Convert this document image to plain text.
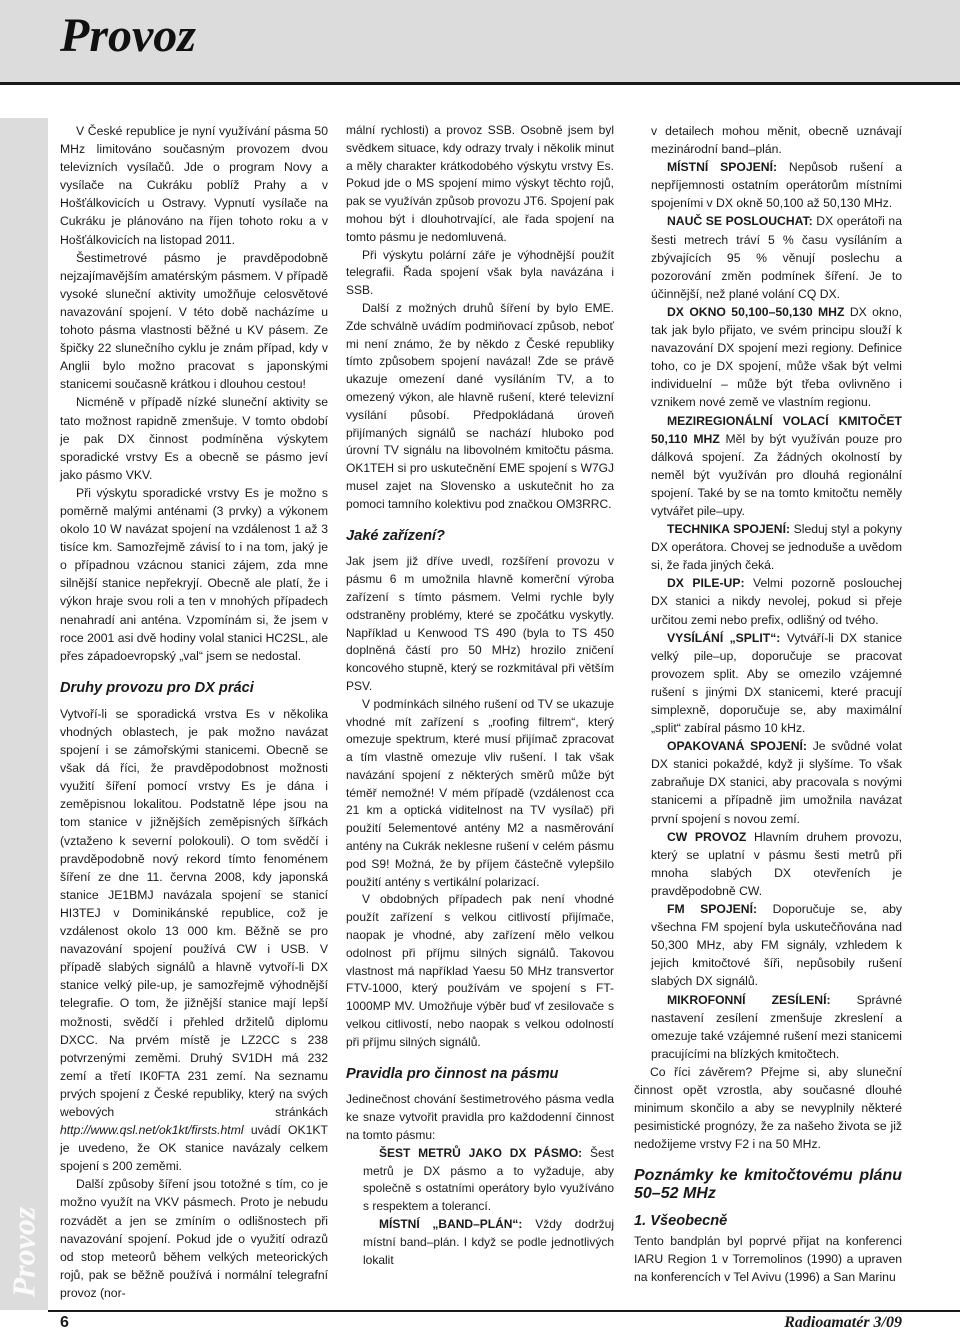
Provoz
Provoz

V České republice je nyní využívání pásma 50 MHz limitováno současným provozem dvou televizních vysílačů. Jde o program Novy a vysílače na Cukráku poblíž Prahy a v Hošťálkovicích u Ostravy. Vypnutí vysílače na Cukráku je plánováno na říjen tohoto roku a v Hošťálkovicích na listopad 2011.

Šestimetrové pásmo je pravděpodobně nejzajímavějším amatérským pásmem. V případě vysoké sluneční aktivity umožňuje celosvětové navazování spojení. V této době nacházíme u tohoto pásma vlastnosti běžné u KV pásem. Ze špičky 22 slunečního cyklu je znám případ, kdy v Anglii bylo možno pracovat s japonskými stanicemi současně krátkou i dlouhou cestou!

Nicméně v případě nízké sluneční aktivity se tato možnost rapidně zmenšuje. V tomto období je pak DX činnost podmíněna výskytem sporadické vrstvy Es a obecně se pásmo jeví jako pásmo VKV.

Při výskytu sporadické vrstvy Es je možno s poměrně malými anténami (3 prvky) a výkonem okolo 10 W navázat spojení na vzdálenost 1 až 3 tisíce km. Samozřejmě závisí to i na tom, jaký je o případnou vzácnou stanici zájem, zda mne silnější stanice nepřekryjí. Obecně ale platí, že i výkon hraje svou roli a ten v mnohých případech nenahradí ani anténa. Vzpomínám si, že jsem v roce 2001 asi dvě hodiny volal stanici HC2SL, ale přes západoevropský „val“ jsem se nedostal.

Druhy provozu pro DX práci

Vytvoří-li se sporadická vrstva Es v několika vhodných oblastech, je pak možno navázat spojení i se zámořskými stanicemi. Obecně se však dá říci, že pravděpodobnost možnosti využití šíření pomocí vrstvy Es je dána i zeměpisnou lokalitou. Podstatně lépe jsou na tom stanice v jižnějších zeměpisných šířkách (vztaženo k severní polokouli). O tom svědčí i pravděpodobně nový rekord tímto fenoménem šíření ze dne 11. června 2008, kdy japonská stanice JE1BMJ navázala spojení se stanicí HI3TEJ v Dominikánské republice, což je vzdálenost okolo 13 000 km. Běžně se pro navazování spojení používá CW i USB. V případě slabých signálů a hlavně vytvoří-li DX stanice velký pile-up, je samozřejmě výhodnější telegrafie. O tom, že jižnější stanice mají lepší možnosti, svědčí i přehled držitelů diplomu DXCC. Na prvém místě je LZ2CC s 238 potvrzenými zeměmi. Druhý SV1DH má 232 zemí a třetí IK0FTA 231 zemí. Na seznamu prvých spojení z České republiky, který na svých webových stránkách http://www.qsl.net/ok1kt/firsts.html uvádí OK1KT je uvedeno, že OK stanice navázaly celkem spojení s 200 zeměmi.

Další způsoby šíření jsou totožné s tím, co je možno využít na VKV pásmech. Proto je nebudu rozvádět a jen se zmíním o odlišnostech při navazování spojení. Pokud jde o využití odrazů od stop meteorů během velkých meteorických rojů, pak se běžně používá i normální telegrafní provoz (nor-

mální rychlosti) a provoz SSB. Osobně jsem byl svědkem situace, kdy odrazy trvaly i několik minut a měly charakter krátkodobého výskytu vrstvy Es. Pokud jde o MS spojení mimo výskyt těchto rojů, pak se využíván způsob provozu JT6. Spojení pak mohou být i dlouhotrvající, ale řada spojení na tomto pásmu je nedomluvená.

Při výskytu polární záře je výhodnější použít telegrafii. Řada spojení však byla navázána i SSB.

Další z možných druhů šíření by bylo EME. Zde schválně uvádím podmiňovací způsob, neboť mi není známo, že by někdo z České republiky tímto způsobem spojení navázal! Zde se právě ukazuje omezení dané vysíláním TV, a to omezený výkon, ale hlavně rušení, které televizní vysílání působí. Předpokládaná úroveň přijímaných signálů se nachází hluboko pod úrovní TV signálu na libovolném kmitočtu pásma. OK1TEH si pro uskutečnění EME spojení s W7GJ musel zajet na Slovensko a uskutečnit ho za pomoci tamního kolektivu pod značkou OM3RRC.

Jaké zařízení?

Jak jsem již dříve uvedl, rozšíření provozu v pásmu 6 m umožnila hlavně komerční výroba zařízení s tímto pásmem. Velmi rychle byly odstraněny problémy, které se zpočátku vyskytly. Například u Kenwood TS 490 (byla to TS 450 doplněná částí pro 50 MHz) hrozilo zničení koncového stupně, který se rozkmitával při větším PSV.

V podmínkách silného rušení od TV se ukazuje vhodné mít zařízení s „roofing filtrem“, který omezuje spektrum, které musí přijímač zpracovat a tím vlastně omezuje vliv rušení. I tak však navázání spojení z některých směrů může být téměř nemožné! V mém případě (vzdálenost cca 21 km a optická viditelnost na TV vysílač) při použití 5elementové antény M2 a nasměrování antény na Cukrák neklesne rušení v celém pásmu pod S9! Možná, že by příjem částečně vylepšilo použití antény s vertikální polarizací.

V obdobných případech pak není vhodné použít zařízení s velkou citlivostí přijímače, naopak je vhodné, aby zařízení mělo velkou odolnost při příjmu silných signálů. Takovou vlastnost má například Yaesu 50 MHz transvertor FTV-1000, který používám ve spojení s FT-1000MP MV. Umožňuje výběr buď vf zesilovače s velkou citlivostí, nebo naopak s velkou odolností při příjmu silných signálů.

Pravidla pro činnost na pásmu

Jedinečnost chování šestimetrového pásma vedla ke snaze vytvořit pravidla pro každodenní činnost na tomto pásmu:

ŠEST METRŮ JAKO DX PÁSMO: Šest metrů je DX pásmo a to vyžaduje, aby společně s ostatními operátory bylo využíváno s respektem a tolerancí.

MÍSTNÍ „BAND–PLÁN“: Vždy dodržuj místní band–plán. I když se podle jednotlivých lokalit

v detailech mohou měnit, obecně uznávají mezinárodní band–plán.

MÍSTNÍ SPOJENÍ: Nepůsob rušení a nepříjemnosti ostatním operátorům místními spojeními v DX okně 50,100 až 50,130 MHz.

NAUČ SE POSLOUCHAT: DX operátoři na šesti metrech tráví 5 % času vysíláním a zbývajících 95 % věnují poslechu a pozorování změn podmínek šíření. Je to účinnější, než plané volání CQ DX.

DX OKNO 50,100–50,130 MHZ DX okno, tak jak bylo přijato, ve svém principu slouží k navazování DX spojení mezi regiony. Definice toho, co je DX spojení, může však být velmi individuelní – může být třeba ovlivněno i vznikem nové země ve vlastním regionu.

MEZIREGIONÁLNÍ VOLACÍ KMITOČET 50,110 MHZ Měl by být využíván pouze pro dálková spojení. Za žádných okolností by neměl být využíván pro dlouhá regionální spojení. Také by se na tomto kmitočtu neměly vytvářet pile–upy.

TECHNIKA SPOJENÍ: Sleduj styl a pokyny DX operátora. Chovej se jednoduše a uvědom si, že řada jiných čeká.

DX PILE-UP: Velmi pozorně poslouchej DX stanici a nikdy nevolej, pokud si přeje určitou zemi nebo prefix, odlišný od tvého.

VYSÍLÁNÍ „SPLIT“: Vytváří-li DX stanice velký pile–up, doporučuje se pracovat provozem split. Aby se omezilo vzájemné rušení s jinými DX stanicemi, které pracují simplexně, doporučuje se, aby maximální „split“ zabíral pásmo 10 kHz.

OPAKOVANÁ SPOJENÍ: Je svůdné volat DX stanici pokaždé, když ji slyšíme. To však zabraňuje DX stanici, aby pracovala s novými stanicemi a případně jim umožnila navázat první spojení s novou zemí.

CW PROVOZ Hlavním druhem provozu, který se uplatní v pásmu šesti metrů při mnoha slabých DX otevřeních je pravděpodobně CW.

FM SPOJENÍ: Doporučuje se, aby všechna FM spojení byla uskutečňována nad 50,300 MHz, aby FM signály, vzhledem k jejich kmitočtové šíři, nepůsobily rušení slabých DX signálů.

MIKROFONNÍ ZESÍLENÍ: Správné nastavení zesílení zmenšuje zkreslení a omezuje také vzájemné rušení mezi stanicemi pracujícími na blízkých kmitočtech.

Co říci závěrem? Přejme si, aby sluneční činnost opět vzrostla, aby současné dlouhé minimum skončilo a aby se nevyplnily některé pesimistické prognózy, že za našeho života se již nedožijeme vrstvy F2 i na 50 MHz.

Poznámky ke kmitočtovému plánu 50–52 MHz
1. Všeobecně

Tento bandplán byl poprvé přijat na konferenci IARU Region 1 v Torremolinos (1990) a upraven na konferencích v Tel Avivu (1996) a San Marinu

6	Radioamatér 3/09
